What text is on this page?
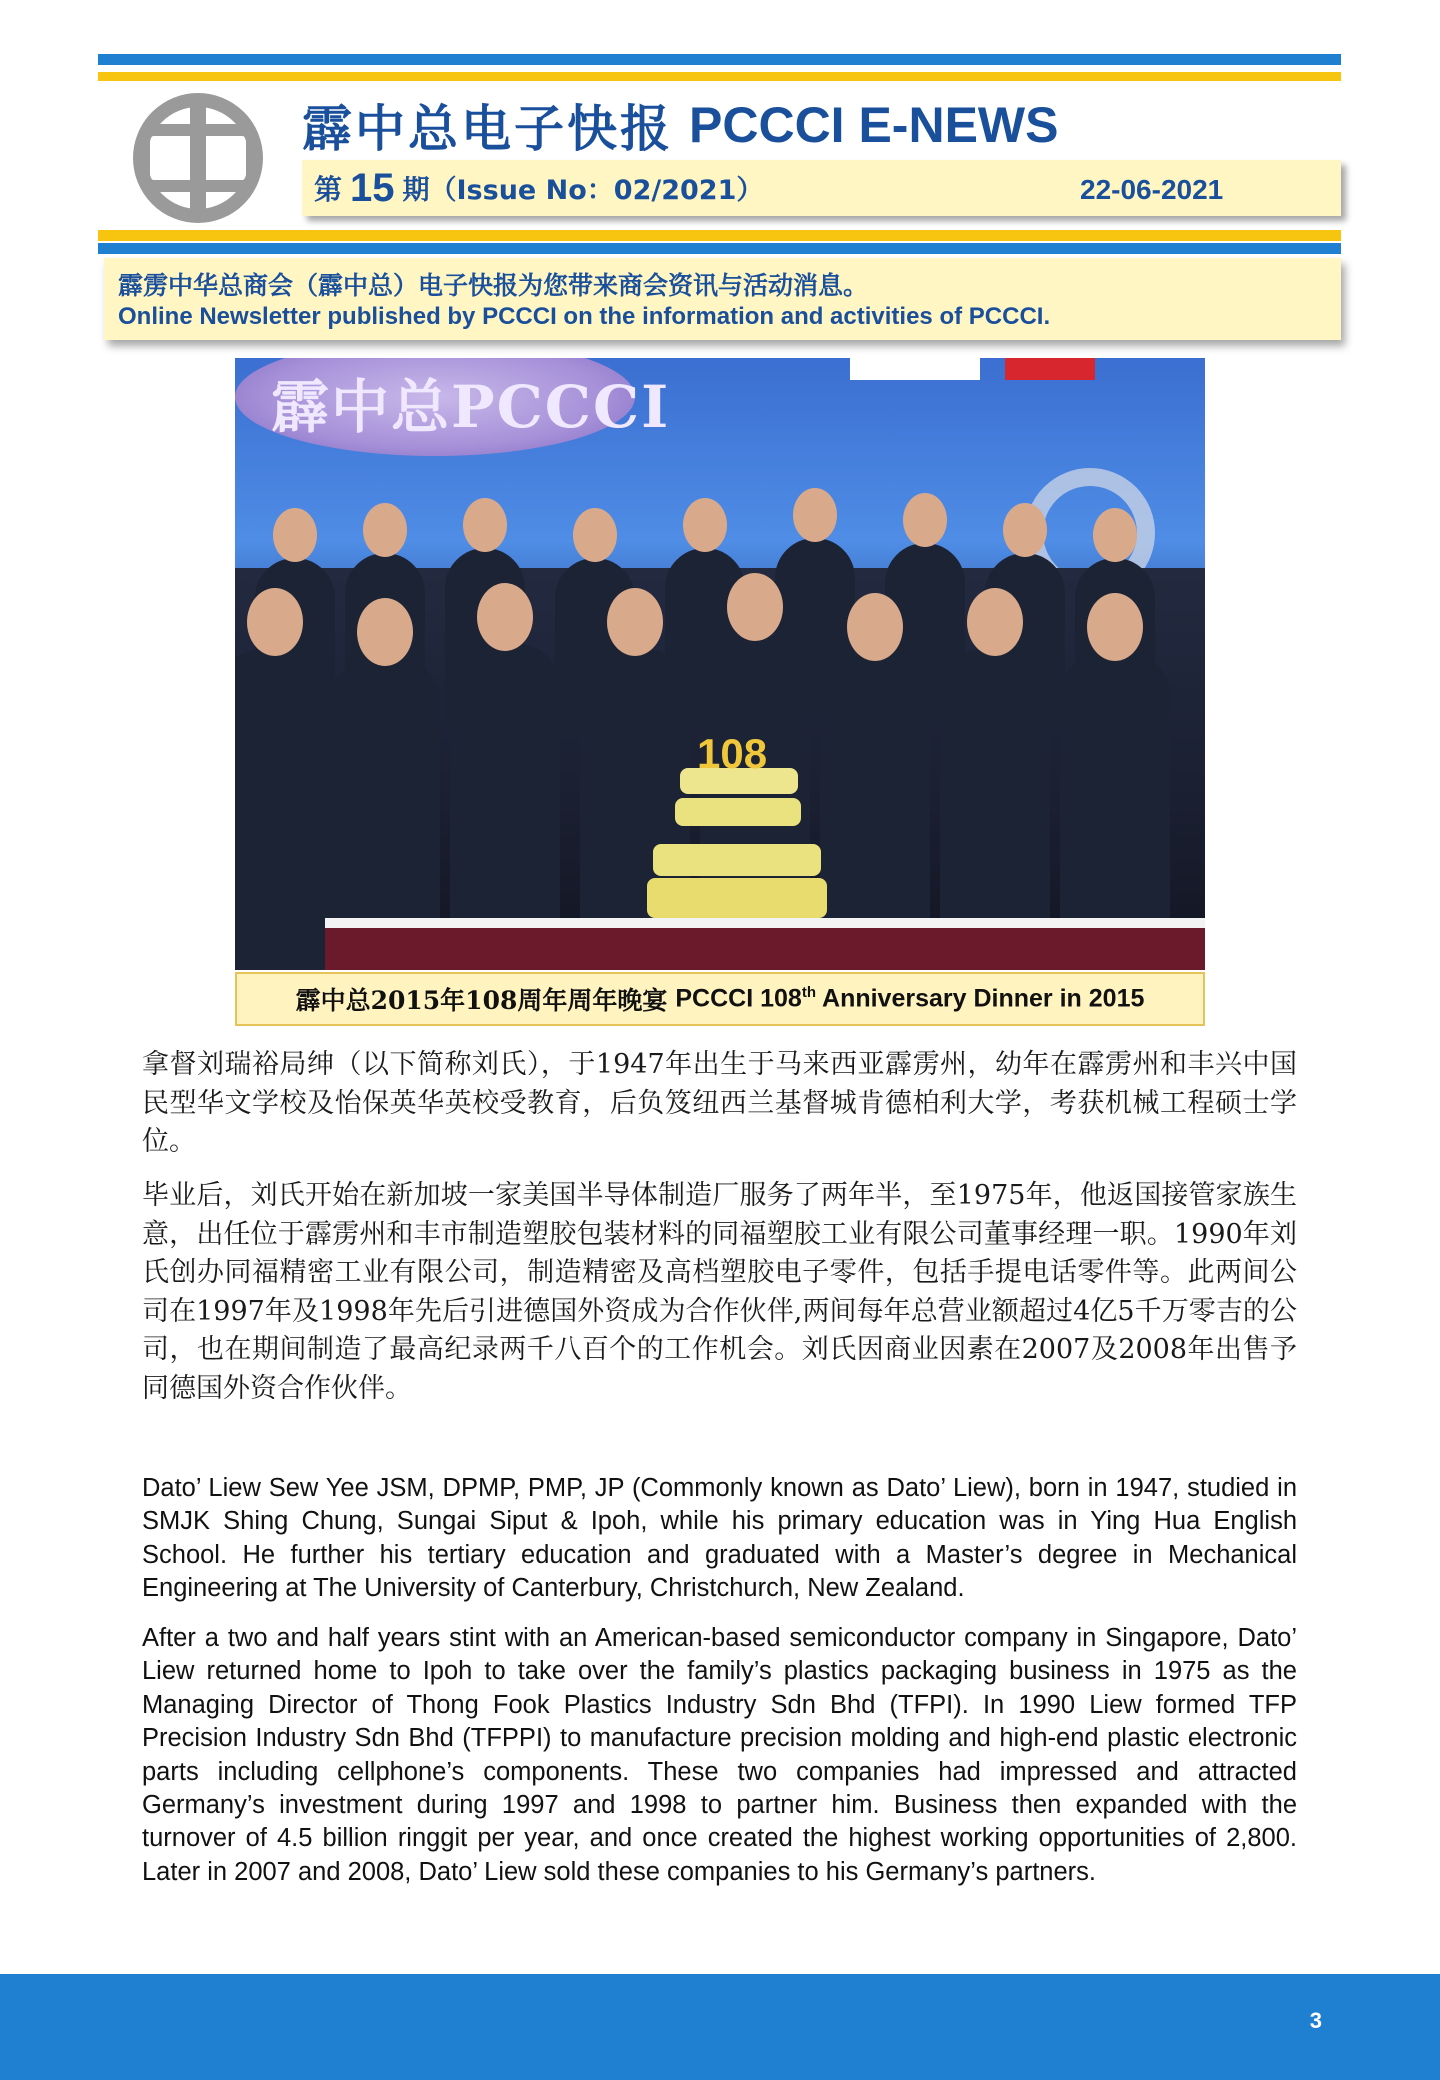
霹中总电子快报 PCCCI E-NEWS
第 15 期（Issue No：02/2021）	22-06-2021
霹雳中华总商会（霹中总）电子快报为您带来商会资讯与活动消息。
Online Newsletter published by PCCCI on the information and activities of PCCCI.
霹中总PCCCI
108
霹中总2015年108周年周年晚宴 PCCCI 108th Anniversary Dinner in 2015

拿督刘瑞裕局绅（以下简称刘氏），于1947年出生于马来西亚霹雳州，幼年在霹雳州和丰兴中国民型华文学校及怡保英华英校受教育，后负笈纽西兰基督城肯德柏利大学，考获机械工程硕士学位。

毕业后，刘氏开始在新加坡一家美国半导体制造厂服务了两年半，至1975年，他返国接管家族生意，出任位于霹雳州和丰市制造塑胶包装材料的同福塑胶工业有限公司董事经理一职。1990年刘氏创办同福精密工业有限公司，制造精密及高档塑胶电子零件，包括手提电话零件等。此两间公司在1997年及1998年先后引进德国外资成为合作伙伴,两间每年总营业额超过4亿5千万零吉的公司，也在期间制造了最高纪录两千八百个的工作机会。刘氏因商业因素在2007及2008年出售予同德国外资合作伙伴。

Dato’ Liew Sew Yee JSM, DPMP, PMP, JP (Commonly known as Dato’ Liew), born in 1947, studied in SMJK Shing Chung, Sungai Siput & Ipoh, while his primary education was in Ying Hua English School. He further his tertiary education and graduated with a Master’s degree in Mechanical Engineering at The University of Canterbury, Christchurch, New Zealand.

After a two and half years stint with an American-based semiconductor company in Singapore, Dato’ Liew returned home to Ipoh to take over the family’s plastics packaging business in 1975 as the Managing Director of Thong Fook Plastics Industry Sdn Bhd (TFPI). In 1990 Liew formed TFP Precision Industry Sdn Bhd (TFPPI) to manufacture precision molding and high-end plastic electronic parts including cellphone’s components. These two companies had impressed and attracted Germany’s investment during 1997 and 1998 to partner him. Business then expanded with the turnover of 4.5 billion ringgit per year, and once created the highest working opportunities of 2,800. Later in 2007 and 2008, Dato’ Liew sold these companies to his Germany’s partners.

3
